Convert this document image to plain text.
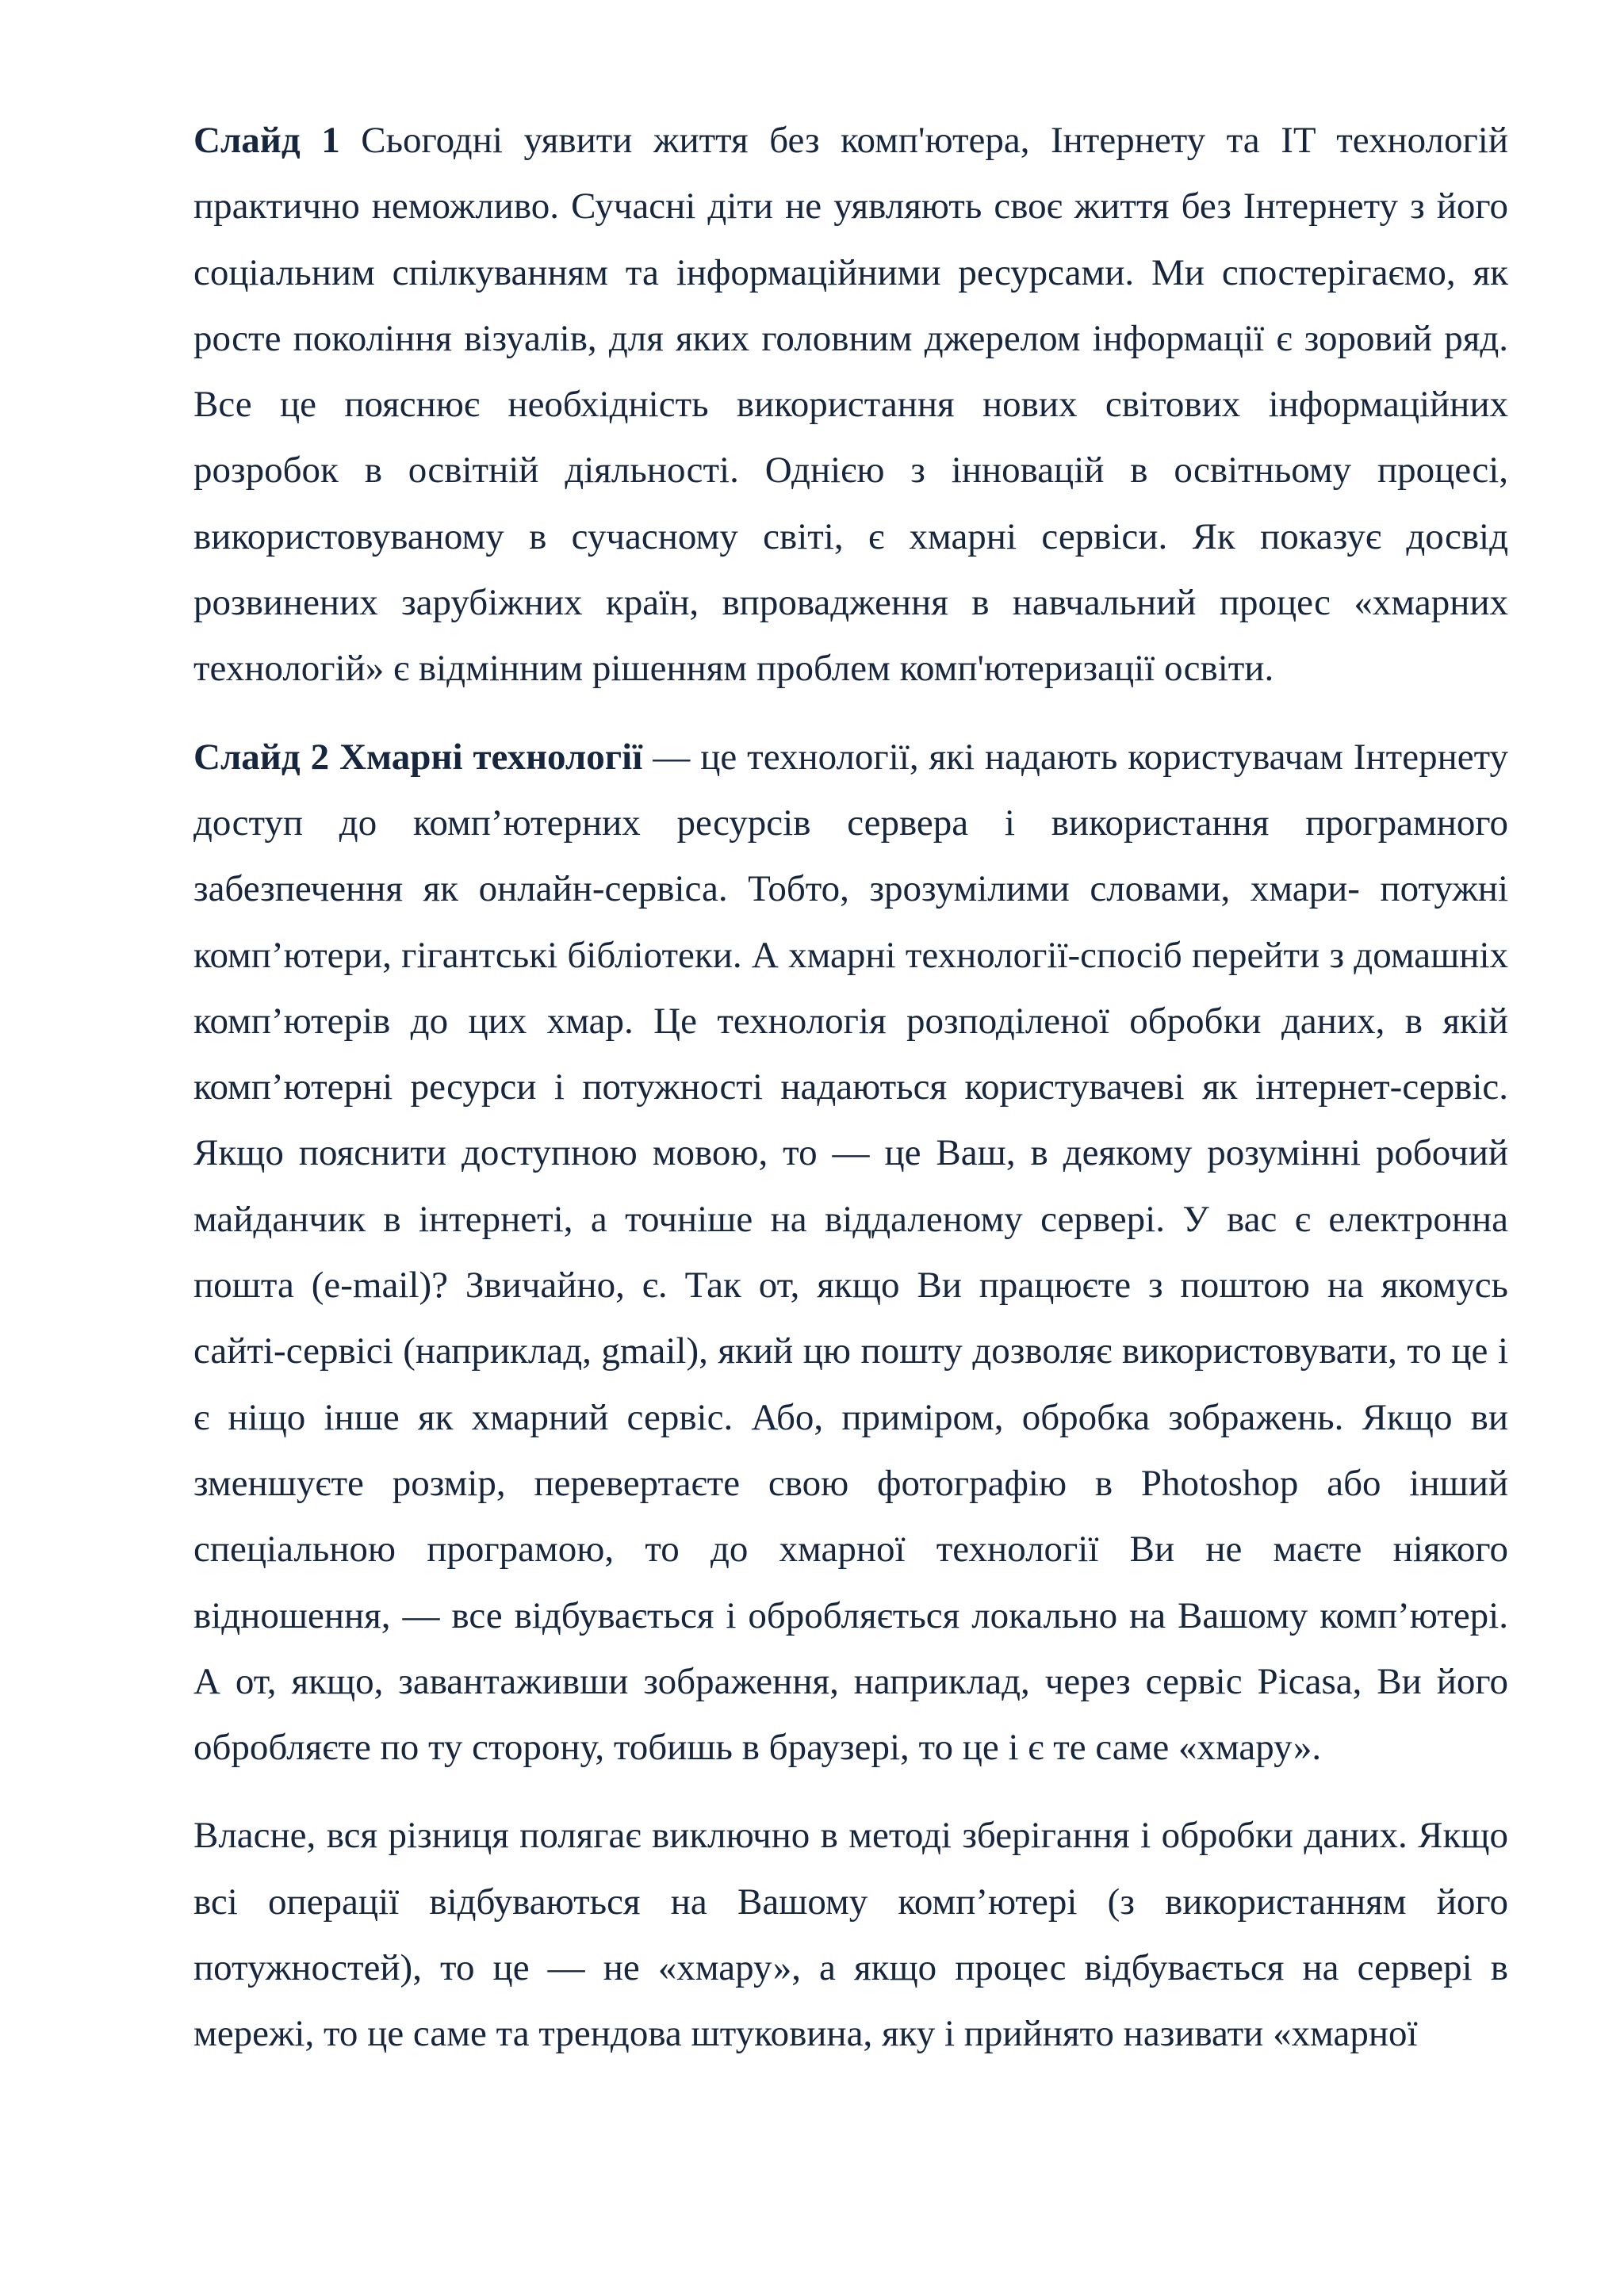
Слайд 1 Сьогодні уявити життя без комп'ютера, Інтернету та IT технологій практично неможливо. Сучасні діти не уявляють своє життя без Інтернету з його соціальним спілкуванням та інформаційними ресурсами. Ми спостерігаємо, як росте покоління візуалів, для яких головним джерелом інформації є зоровий ряд. Все це пояснює необхідність використання нових світових інформаційних розробок в освітній діяльності. Однією з інновацій в освітньому процесі, використовуваному в сучасному світі, є хмарні сервіси. Як показує досвід розвинених зарубіжних країн, впровадження в навчальний процес «хмарних технологій» є відмінним рішенням проблем комп'ютеризації освіти.

Слайд 2 Хмарні технології — це технології, які надають користувачам Інтернету доступ до комп’ютерних ресурсів сервера і використання програмного забезпечення як онлайн-сервіса. Тобто, зрозумілими словами, хмари- потужні комп’ютери, гігантські бібліотеки. А хмарні технології-спосіб перейти з домашніх комп’ютерів до цих хмар. Це технологія розподіленої обробки даних, в якій комп’ютерні ресурси і потужності надаються користувачеві як інтернет-сервіс. Якщо пояснити доступною мовою, то — це Ваш, в деякому розумінні робочий майданчик в інтернеті, а точніше на віддаленому сервері. У вас є електронна пошта (e-mail)? Звичайно, є. Так от, якщо Ви працюєте з поштою на якомусь сайті-сервісі (наприклад, gmail), який цю пошту дозволяє використовувати, то це і є ніщо інше як хмарний сервіс. Або, приміром, обробка зображень. Якщо ви зменшуєте розмір, перевертаєте свою фотографію в Photoshop або інший спеціальною програмою, то до хмарної технології Ви не маєте ніякого відношення, — все відбувається і обробляється локально на Вашому комп’ютері. А от, якщо, завантаживши зображення, наприклад, через сервіс Picasa, Ви його обробляєте по ту сторону, тобишь в браузері, то це і є те саме «хмару».

Власне, вся різниця полягає виключно в методі зберігання і обробки даних. Якщо всі операції відбуваються на Вашому комп’ютері (з використанням його потужностей), то це — не «хмару», а якщо процес відбувається на сервері в мережі, то це саме та трендова штуковина, яку і прийнято називати «хмарної
